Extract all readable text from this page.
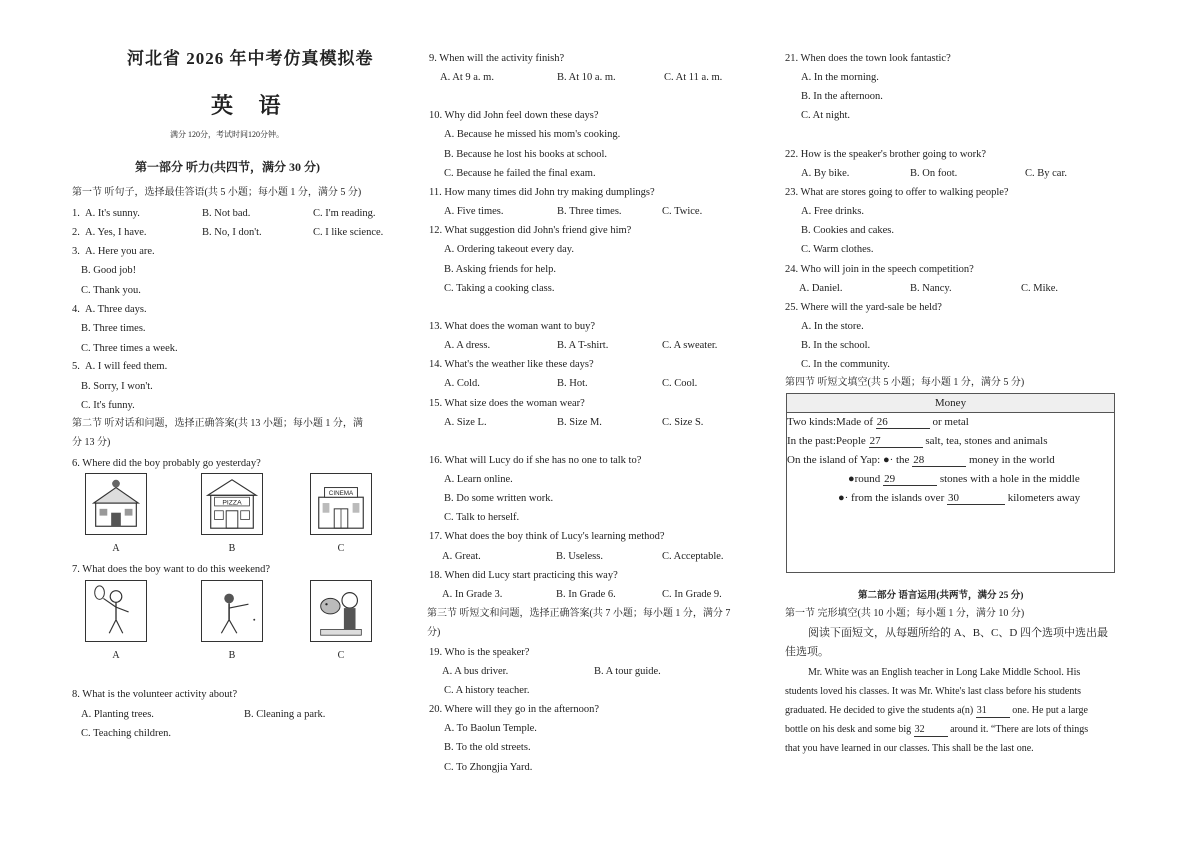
河北省 2026 年中考仿真模拟卷
英 语
满分 120分，考试时间120分钟。
第一部分 听力(共四节，满分 30 分)
第一节 听句子，选择最佳答语(共 5 小题；每小题 1 分，满分 5 分)
1. A. It's sunny.	B. Not bad.	C. I'm reading.
2. A. Yes, I have.	B. No, I don't.	C. I like science.
3. A. Here you are.
B. Good job!
C. Thank you.
4. A. Three days.
B. Three times.
C. Three times a week.
5. A. I will feed them.
B. Sorry, I won't.
C. It's funny.
第二节 听对话和问题，选择正确答案(共 13 小题；每小题 1 分，满
分 13 分)
6. Where did the boy probably go yesterday?
PIZZA
CINEMA
A	B	C
7. What does the boy want to do this weekend?
A	B	C
8. What is the volunteer activity about?
A. Planting trees.	B. Cleaning a park.
C. Teaching children.
9. When will the activity finish?
A. At 9 a. m.	B. At 10 a. m.	C. At 11 a. m.
10. Why did John feel down these days?
A. Because he missed his mom's cooking.
B. Because he lost his books at school.
C. Because he failed the final exam.
11. How many times did John try making dumplings?
A. Five times.	B. Three times.	C. Twice.
12. What suggestion did John's friend give him?
A. Ordering takeout every day.
B. Asking friends for help.
C. Taking a cooking class.
13. What does the woman want to buy?
A. A dress.	B. A T-shirt.	C. A sweater.
14. What's the weather like these days?
A. Cold.	B. Hot.	C. Cool.
15. What size does the woman wear?
A. Size L.	B. Size M.	C. Size S.
16. What will Lucy do if she has no one to talk to?
A. Learn online.
B. Do some written work.
C. Talk to herself.
17. What does the boy think of Lucy's learning method?
A. Great.	B. Useless.	C. Acceptable.
18. When did Lucy start practicing this way?
A. In Grade 3.	B. In Grade 6.	C. In Grade 9.
第三节 听短文和问题，选择正确答案(共 7 小题；每小题 1 分，满分 7
分)
19. Who is the speaker?
A. A bus driver.	B. A tour guide.
C. A history teacher.
20. Where will they go in the afternoon?
A. To Baolun Temple.
B. To the old streets.
C. To Zhongjia Yard.
21. When does the town look fantastic?
A. In the morning.
B. In the afternoon.
C. At night.
22. How is the speaker's brother going to work?
A. By bike.	B. On foot.	C. By car.
23. What are stores going to offer to walking people?
A. Free drinks.
B. Cookies and cakes.
C. Warm clothes.
24. Who will join in the speech competition?
A. Daniel.	B. Nancy.	C. Mike.
25. Where will the yard-sale be held?
A. In the store.
B. In the school.
C. In the community.
第四节 听短文填空(共 5 小题；每小题 1 分，满分 5 分)
Money
Two kinds:Made of 26	or metal
In the past:People 27	salt, tea, stones and animals
On the island of Yap: ●· the 28	money in the world
●round 29	stones with a hole in the middle
●· from the islands over 30	kilometers away
第二部分 语言运用(共两节，满分 25 分)
第一节 完形填空(共 10 小题；每小题 1 分，满分 10 分)
阅读下面短文，从每题所给的 A、B、C、D 四个选项中选出最
佳选项。
Mr. White was an English teacher in Long Lake Middle School. His
students loved his classes. It was Mr. White's last class before his students
graduated. He decided to give the students a(n) 31 one. He put a large
bottle on his desk and some big 32 around it. “There are lots of things
that you have learned in our classes. This shall be the last one.
